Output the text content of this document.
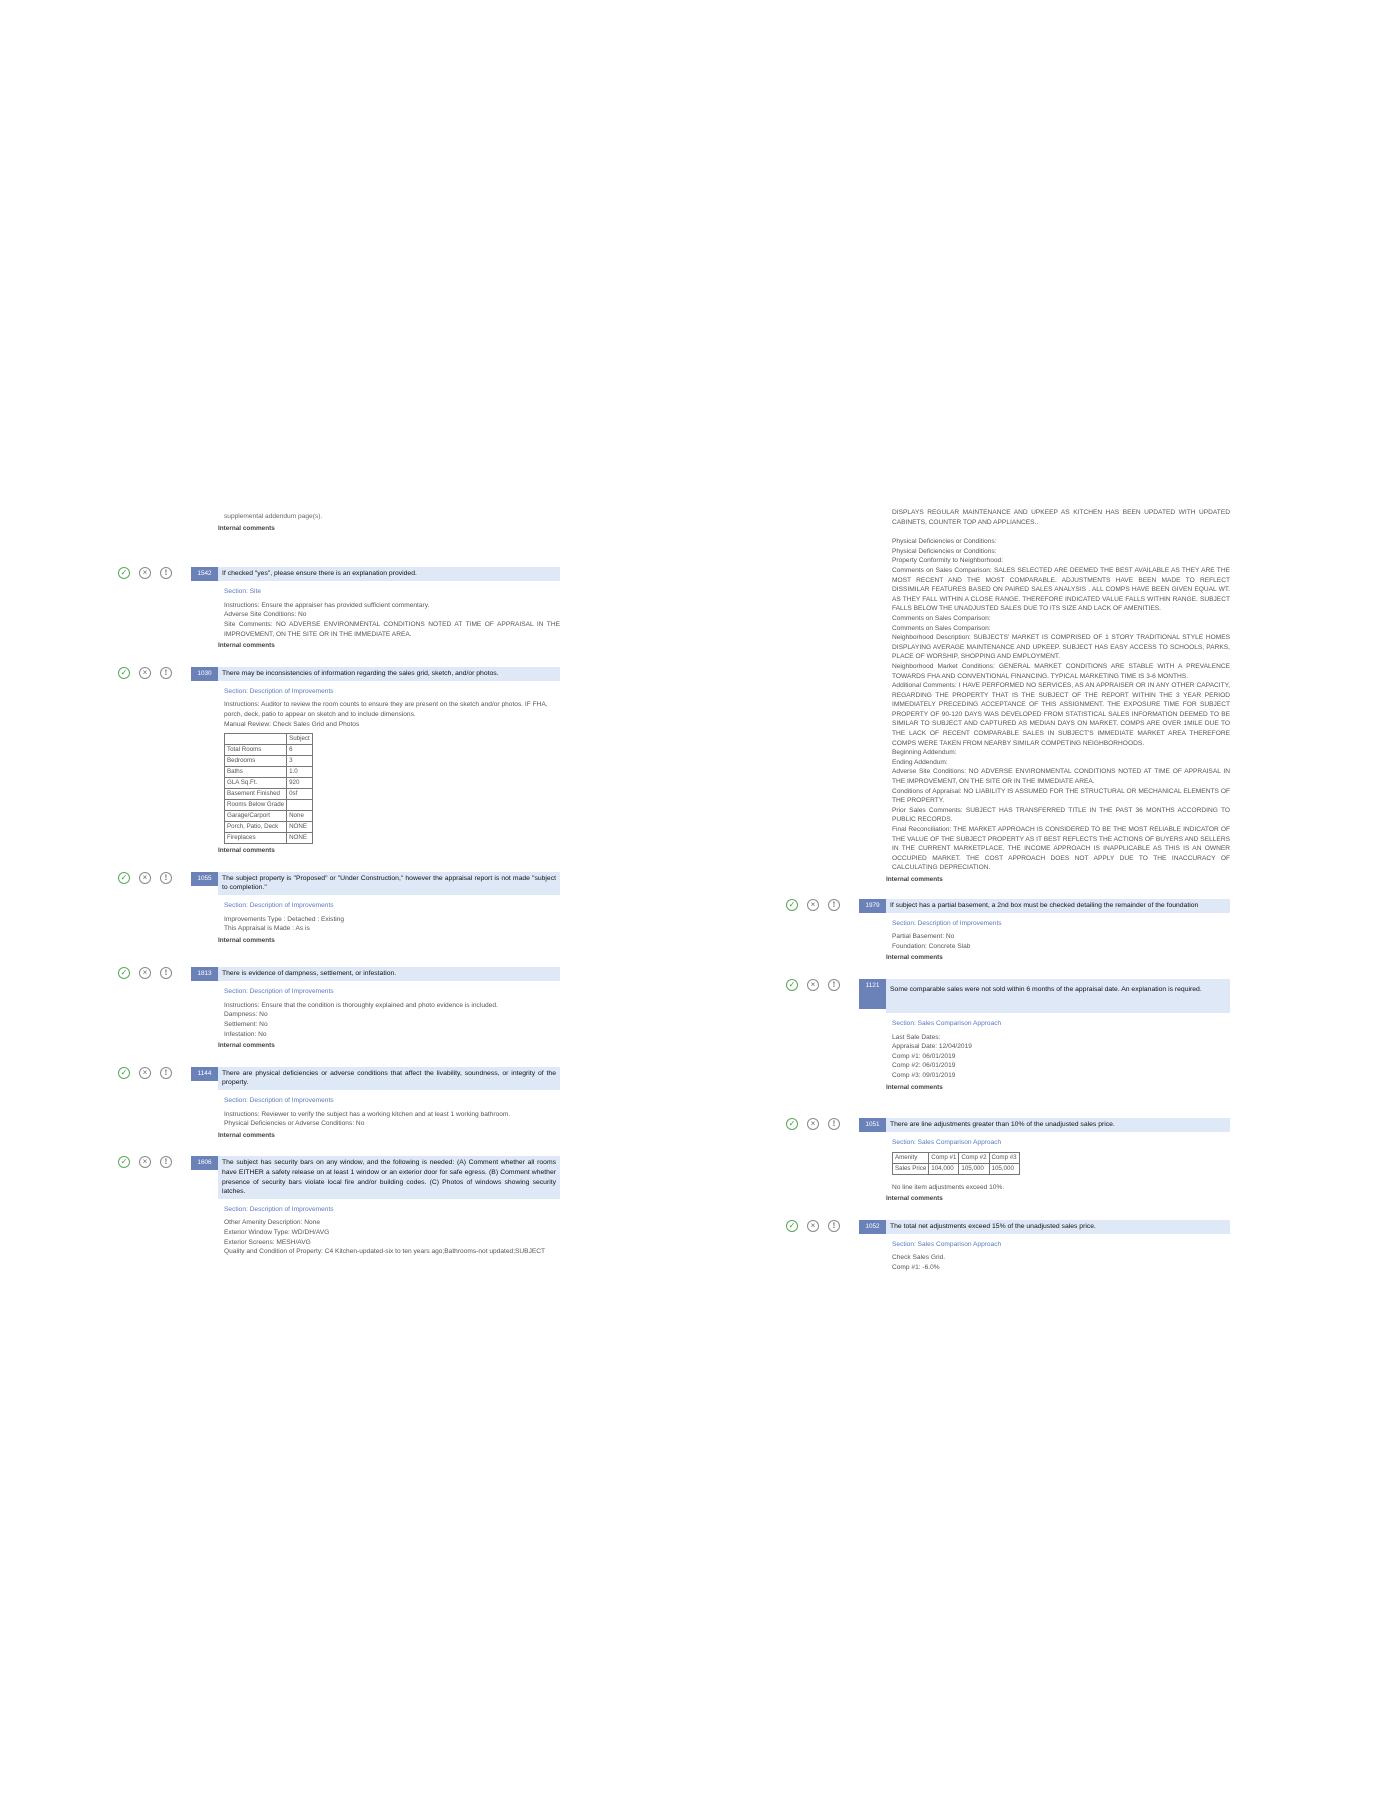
supplemental addendum page(s).
Internal comments
✓	×	!	1542	If checked "yes", please ensure there is an explanation provided.
Section: Site

Instructions: Ensure the appraiser has provided sufficient commentary.

Adverse Site Conditions: No

Site Comments: NO ADVERSE ENVIRONMENTAL CONDITIONS NOTED AT TIME OF APPRAISAL IN THE IMPROVEMENT, ON THE SITE OR IN THE IMMEDIATE AREA.

Internal comments
✓	×	!	1030	There may be inconsistencies of information regarding the sales grid, sketch, and/or photos.
Section: Description of Improvements

Instructions: Auditor to review the room counts to ensure they are present on the sketch and/or photos. IF FHA, porch, deck, patio to appear on sketch and to include dimensions.

Manual Review: Check Sales Grid and Photos

	Subject
Total Rooms	6
Bedrooms	3
Baths	1.0
GLA Sq.Ft.	920
Basement Finished	0sf
Rooms Below Grade	
Garage/Carport	None
Porch, Patio, Deck	NONE
Fireplaces	NONE
Internal comments
✓	×	!	1055	The subject property is "Proposed" or "Under Construction," however the appraisal report is not made "subject to completion."
Section: Description of Improvements

Improvements Type : Detached : Existing

This Appraisal is Made : As is

Internal comments
✓	×	!	1813	There is evidence of dampness, settlement, or infestation.
Section: Description of Improvements

Instructions: Ensure that the condition is thoroughly explained and photo evidence is included.

Dampness: No

Settlement: No

Infestation: No

Internal comments
✓	×	!	1144	There are physical deficiencies or adverse conditions that affect the livability, soundness, or integrity of the property.
Section: Description of Improvements

Instructions: Reviewer to verify the subject has a working kitchen and at least 1 working bathroom.

Physical Deficiencies or Adverse Conditions: No

Internal comments
✓	×	!	1606	The subject has security bars on any window, and the following is needed: (A) Comment whether all rooms have EITHER a safety release on at least 1 window or an exterior door for safe egress. (B) Comment whether presence of security bars violate local fire and/or building codes. (C) Photos of windows showing security latches.
Section: Description of Improvements

Other Amenity Description: None

Exterior Window Type: WD/DH/AVG

Exterior Screens: MESH/AVG

Quality and Condition of Property: C4 Kitchen-updated-six to ten years ago;Bathrooms-not updated;SUBJECT

DISPLAYS REGULAR MAINTENANCE AND UPKEEP AS KITCHEN HAS BEEN UPDATED WITH UPDATED CABINETS, COUNTER TOP AND APPLIANCES..

Physical Deficiencies or Conditions:

Physical Deficiencies or Conditions:

Property Conformity to Neighborhood:

Comments on Sales Comparison: SALES SELECTED ARE DEEMED THE BEST AVAILABLE AS THEY ARE THE MOST RECENT AND THE MOST COMPARABLE. ADJUSTMENTS HAVE BEEN MADE TO REFLECT DISSIMILAR FEATURES BASED ON PAIRED SALES ANALYSIS . ALL COMPS HAVE BEEN GIVEN EQUAL WT. AS THEY FALL WITHIN A CLOSE RANGE. THEREFORE INDICATED VALUE FALLS WITHIN RANGE. SUBJECT FALLS BELOW THE UNADJUSTED SALES DUE TO ITS SIZE AND LACK OF AMENITIES.

Comments on Sales Comparison:

Comments on Sales Comparison:

Neighborhood Description: SUBJECTS' MARKET IS COMPRISED OF 1 STORY TRADITIONAL STYLE HOMES DISPLAYING AVERAGE MAINTENANCE AND UPKEEP. SUBJECT HAS EASY ACCESS TO SCHOOLS, PARKS, PLACE OF WORSHIP, SHOPPING AND EMPLOYMENT.

Neighborhood Market Conditions: GENERAL MARKET CONDITIONS ARE STABLE WITH A PREVALENCE TOWARDS FHA AND CONVENTIONAL FINANCING. TYPICAL MARKETING TIME IS 3-6 MONTHS.

Additional Comments: I HAVE PERFORMED NO SERVICES, AS AN APPRAISER OR IN ANY OTHER CAPACITY, REGARDING THE PROPERTY THAT IS THE SUBJECT OF THE REPORT WITHIN THE 3 YEAR PERIOD IMMEDIATELY PRECEDING ACCEPTANCE OF THIS ASSIGNMENT. THE EXPOSURE TIME FOR SUBJECT PROPERTY OF 90-120 DAYS WAS DEVELOPED FROM STATISTICAL SALES INFORMATION DEEMED TO BE SIMILAR TO SUBJECT AND CAPTURED AS MEDIAN DAYS ON MARKET. COMPS ARE OVER 1MILE DUE TO THE LACK OF RECENT COMPARABLE SALES IN SUBJECT'S IMMEDIATE MARKET AREA THEREFORE COMPS WERE TAKEN FROM NEARBY SIMILAR COMPETING NEIGHBORHOODS.

Beginning Addendum:

Ending Addendum:

Adverse Site Conditions: NO ADVERSE ENVIRONMENTAL CONDITIONS NOTED AT TIME OF APPRAISAL IN THE IMPROVEMENT, ON THE SITE OR IN THE IMMEDIATE AREA.

Conditions of Appraisal: NO LIABILITY IS ASSUMED FOR THE STRUCTURAL OR MECHANICAL ELEMENTS OF THE PROPERTY.

Prior Sales Comments: SUBJECT HAS TRANSFERRED TITLE IN THE PAST 36 MONTHS ACCORDING TO PUBLIC RECORDS.

Final Reconciliation: THE MARKET APPROACH IS CONSIDERED TO BE THE MOST RELIABLE INDICATOR OF THE VALUE OF THE SUBJECT PROPERTY AS IT BEST REFLECTS THE ACTIONS OF BUYERS AND SELLERS IN THE CURRENT MARKETPLACE. THE INCOME APPROACH IS INAPPLICABLE AS THIS IS AN OWNER OCCUPIED MARKET. THE COST APPROACH DOES NOT APPLY DUE TO THE INACCURACY OF CALCULATING DEPRECIATION.

Internal comments
✓	×	!	1979	If subject has a partial basement, a 2nd box must be checked detailing the remainder of the foundation
Section: Description of Improvements

Partial Basement: No

Foundation: Concrete Slab

Internal comments
✓	×	!	1121
Some comparable sales were not sold within 6 months of the appraisal date. An explanation is required.
Section: Sales Comparison Approach

Last Sale Dates:

Appraisal Date: 12/04/2019

Comp #1: 06/01/2019

Comp #2: 06/01/2019

Comp #3: 09/01/2019

Internal comments
✓	×	!	1051	There are line adjustments greater than 10% of the unadjusted sales price.
Section: Sales Comparison Approach
Amenity	Comp #1	Comp #2	Comp #3
Sales Price	104,000	105,000	105,000

No line item adjustments exceed 10%.

Internal comments
✓	×	!	1052	The total net adjustments exceed 15% of the unadjusted sales price.
Section: Sales Comparison Approach

Check Sales Grid.

Comp #1: -6.0%
